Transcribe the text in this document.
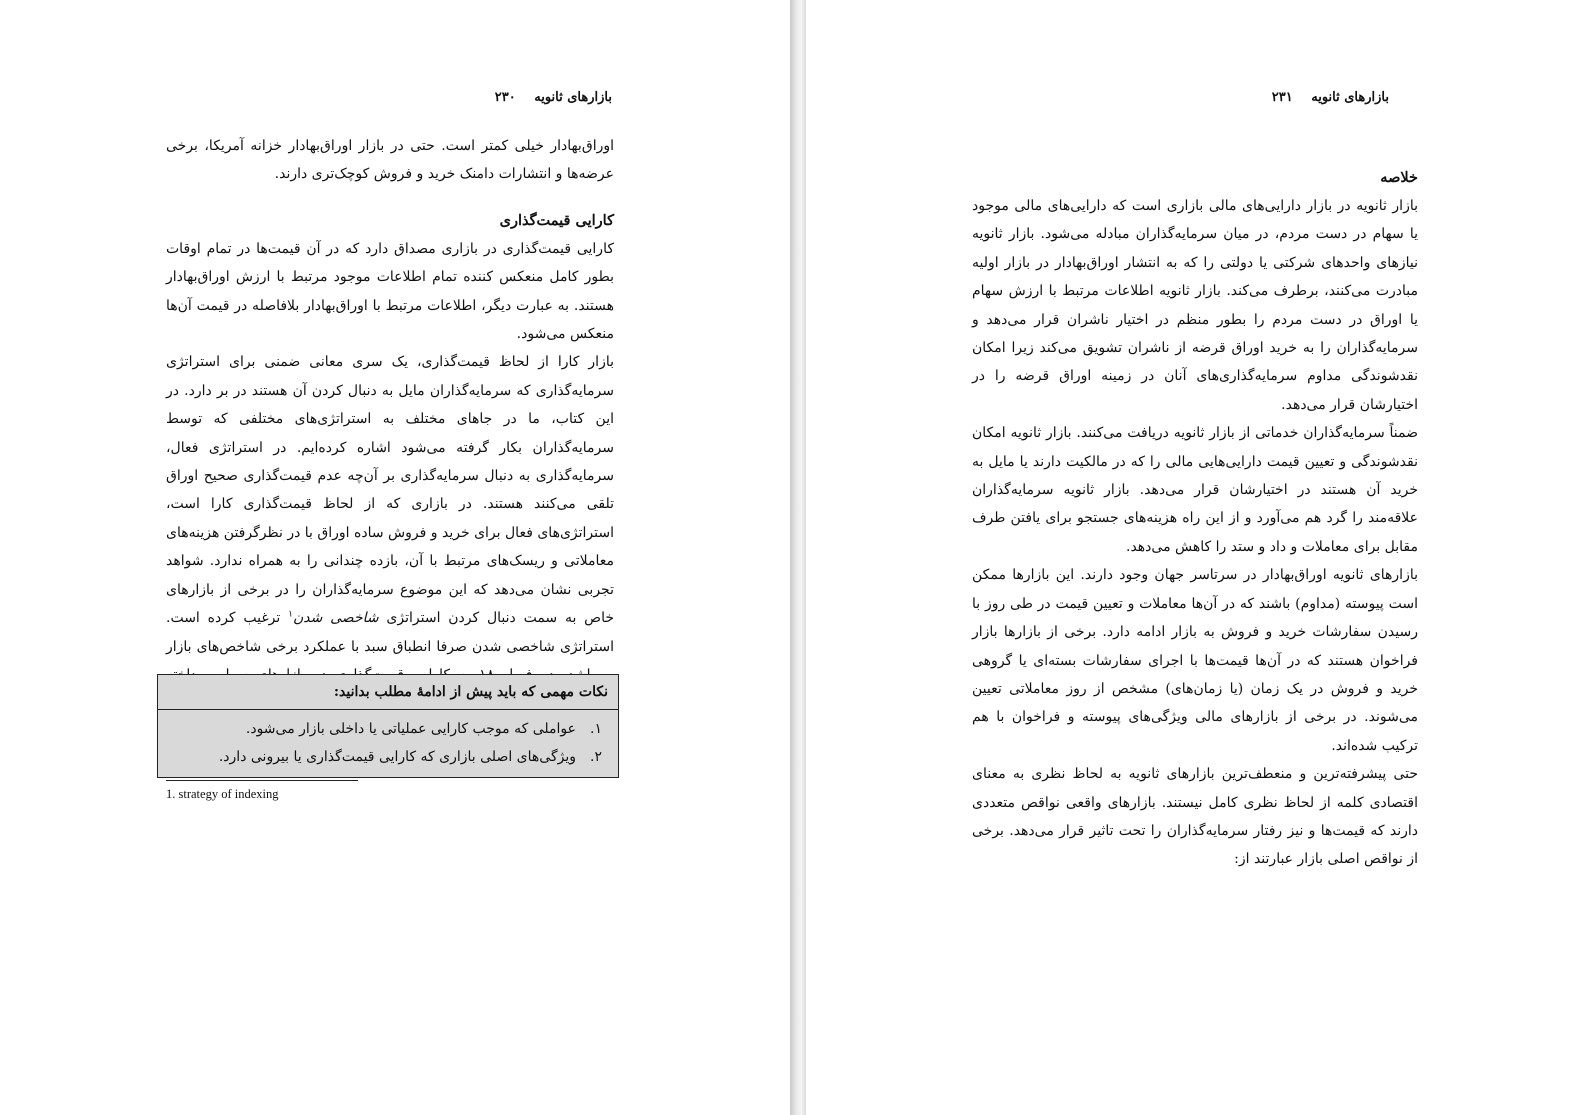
بازارهای ثانویه ۲۳۰

اوراق‌بهادار خیلی کمتر است. حتی در بازار اوراق‌بهادار خزانه آمریکا، برخی عرضه‌ها و انتشارات دامنک خرید و فروش کوچک‌تری دارند.

کارایی قیمت‌گذاری

کارایی قیمت‌گذاری در بازاری مصداق دارد که در آن قیمت‌ها در تمام اوقات بطور کامل منعکس کننده تمام اطلاعات موجود مرتبط با ارزش اوراق‌بهادار هستند. به عبارت دیگر، اطلاعات مرتبط با اوراق‌بهادار بلافاصله در قیمت آن‌ها منعکس می‌شود.

بازار کارا از لحاظ قیمت‌گذاری، یک سری معانی ضمنی برای استراتژی سرمایه‌گذاری که سرمایه‌گذاران مایل به دنبال کردن آن هستند در بر دارد. در این کتاب، ما در جاهای مختلف به استراتژی‌های مختلفی که توسط سرمایه‌گذاران بکار گرفته می‌شود اشاره کرده‌ایم. در استراتژی فعال، سرمایه‌گذاری به دنبال سرمایه‌گذاری بر آن‌چه عدم قیمت‌گذاری صحیح اوراق تلقی می‌کنند هستند. در بازاری که از لحاظ قیمت‌گذاری کارا است، استراتژی‌های فعال برای خرید و فروش ساده اوراق با در نظرگرفتن هزینه‌های معاملاتی و ریسک‌های مرتبط با آن، بازده چندانی را به همراه ندارد. شواهد تجربی نشان می‌دهد که این موضوع سرمایه‌گذاران را در برخی از بازارهای خاص به سمت دنبال کردن استراتژی شاخصی شدن$^۱$ ترغیب کرده است. استراتژی شاخصی شدن صرفا انطباق سبد با عملکرد برخی شاخص‌های بازار

نکات مهمی که باید پیش از ادامهٔ مطلب بدانید:
۱.
عواملی که موجب کارایی عملیاتی یا داخلی بازار می‌شود.
۲.
ویژگی‌های اصلی بازاری که کارایی قیمت‌گذاری یا بیرونی دارد.
1. strategy of indexing
بازارهای ثانویه ۲۳۱
خلاصه

بازار ثانویه در بازار دارایی‌های مالی بازاری است که دارایی‌های مالی موجود یا سهام در دست مردم، در میان سرمایه‌گذاران مبادله می‌شود. بازار ثانویه نیازهای واحدهای شرکتی یا دولتی را که به انتشار اوراق‌بهادار در بازار اولیه مبادرت می‌کنند، برطرف می‌کند. بازار ثانویه اطلاعات مرتبط با ارزش سهام یا اوراق در دست مردم را بطور منظم در اختیار ناشران قرار می‌دهد و سرمایه‌گذاران را به خرید اوراق قرضه از ناشران تشویق می‌کند زیرا امکان نقدشوندگی مداوم سرمایه‌گذاری‌های آنان در زمینه اوراق قرضه را در اختیارشان قرار می‌دهد.

ضمناً سرمایه‌گذاران خدماتی از بازار ثانویه دریافت می‌کنند. بازار ثانویه امکان نقدشوندگی و تعیین قیمت دارایی‌هایی مالی را که در مالکیت دارند یا مایل به خرید آن هستند در اختیارشان قرار می‌دهد. بازار ثانویه سرمایه‌گذاران علاقه‌مند را گرد هم می‌آورد و از این راه هزینه‌های جستجو برای یافتن طرف مقابل برای معاملات و داد و ستد را کاهش می‌دهد.

بازارهای ثانویه اوراق‌بهادار در سرتاسر جهان وجود دارند. این بازارها ممکن است پیوسته (مداوم) باشند که در آن‌ها معاملات و تعیین قیمت در طی روز با رسیدن سفارشات خرید و فروش به بازار ادامه دارد. برخی از بازارها بازار فراخوان هستند که در آن‌ها قیمت‌ها با اجرای سفارشات بسته‌ای یا گروهی خرید و فروش در یک زمان (یا زمان‌های) مشخص از روز معاملاتی تعیین می‌شوند. در برخی از بازارهای مالی ویژگی‌های پیوسته و فراخوان با هم ترکیب شده‌اند.

حتی پیشرفته‌ترین و منعطف‌ترین بازارهای ثانویه به لحاظ نظری به معنای اقتصادی کلمه از لحاظ نظری کامل نیستند. بازارهای واقعی نواقص متعددی دارند که قیمت‌ها و نیز رفتار سرمایه‌گذاران را تحت تاثیر قرار می‌دهد. برخی از نواقص اصلی بازار عبارتند از:
